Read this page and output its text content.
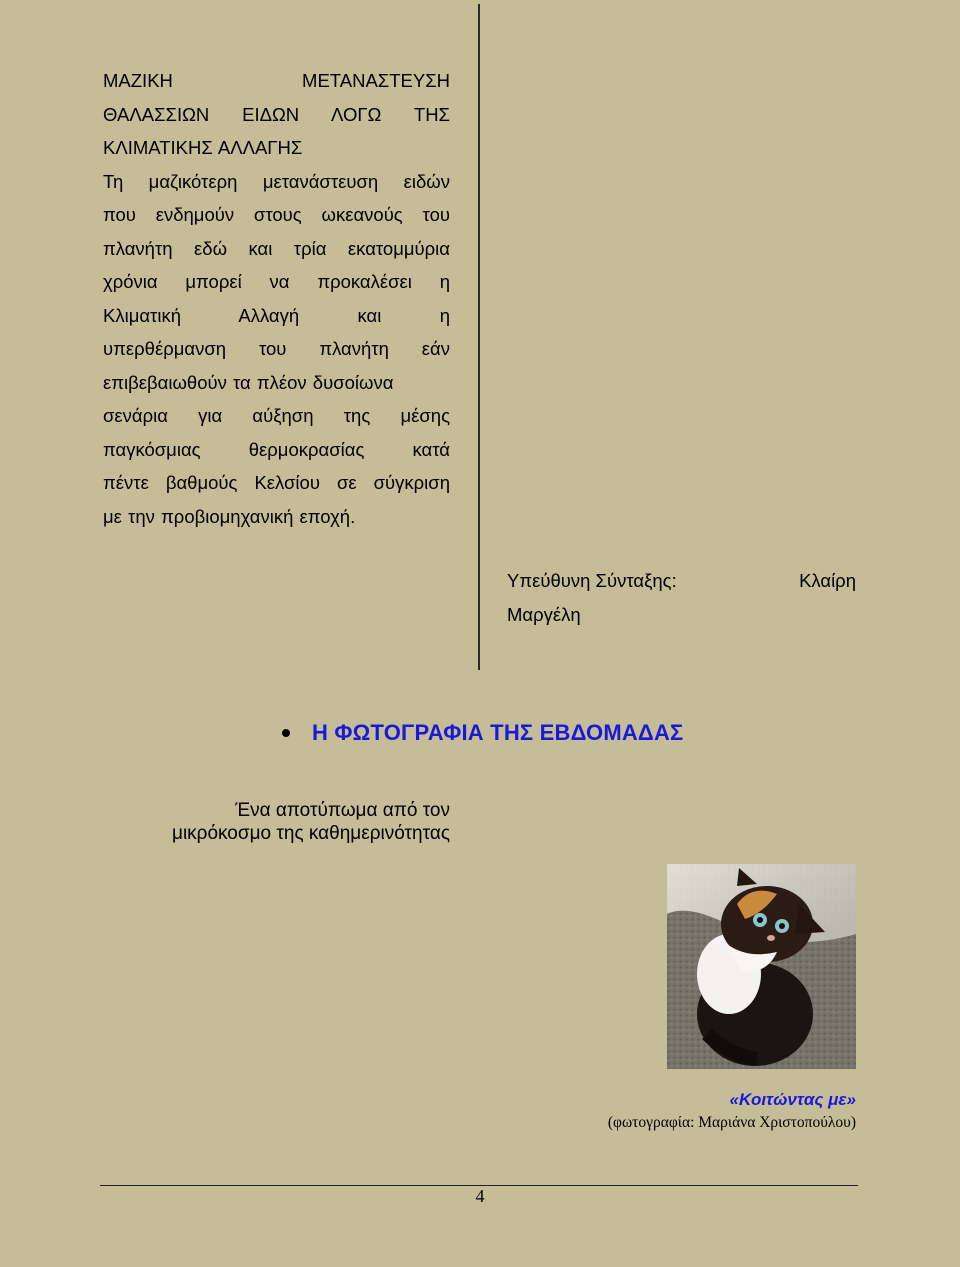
ΜΑΖΙΚΗ ΜΕΤΑΝΑΣΤΕΥΣΗ
ΘΑΛΑΣΣΙΩΝ ΕΙΔΩΝ ΛΟΓΩ ΤΗΣ
ΚΛΙΜΑΤΙΚΗΣ ΑΛΛΑΓΗΣ
Τη μαζικότερη μετανάστευση ειδών
που ενδημούν στους ωκεανούς του
πλανήτη εδώ και τρία εκατομμύρια
χρόνια μπορεί να προκαλέσει η
Κλιματική Αλλαγή και η
υπερθέρμανση του πλανήτη εάν
επιβεβαιωθούν τα πλέον δυσοίωνα
σενάρια για αύξηση της μέσης
παγκόσμιας θερμοκρασίας κατά
πέντε βαθμούς Κελσίου σε σύγκριση
με την προβιομηχανική εποχή.
Υπεύθυνη Σύνταξης:	Κλαίρη
Μαργέλη
Η ΦΩΤΟΓΡΑΦΙΑ ΤΗΣ ΕΒΔΟΜΑΔΑΣ
Ένα αποτύπωμα από τον
μικρόκοσμο της καθημερινότητας
«Κοιτώντας με»
(φωτογραφία: Μαριάνα Χριστοπούλου)
4
